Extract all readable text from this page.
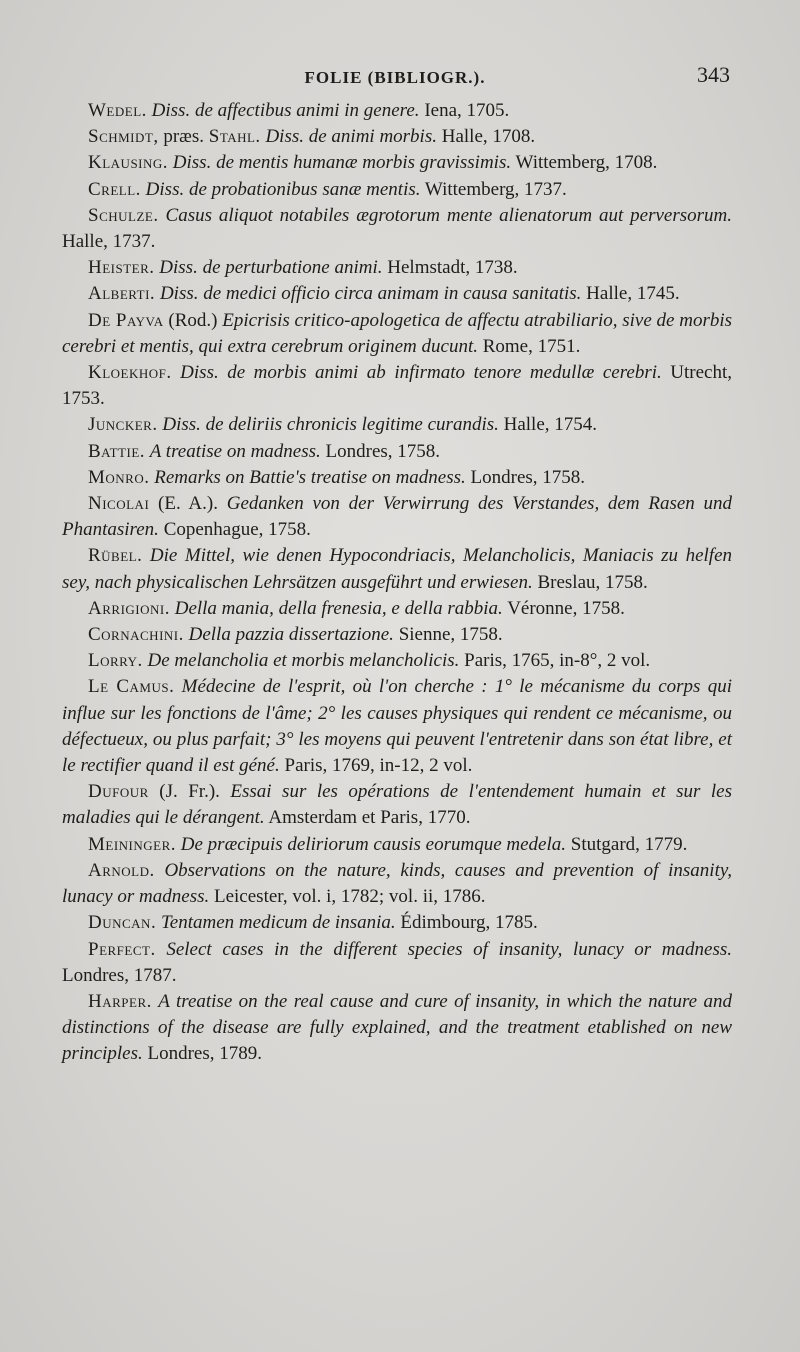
FOLIE (BIBLIOGR.).	343

Wedel. Diss. de affectibus animi in genere. Iena, 1705.

Schmidt, præs. Stahl. Diss. de animi morbis. Halle, 1708.

Klausing. Diss. de mentis humanæ morbis gravissimis. Wittemberg, 1708.

Crell. Diss. de probationibus sanæ mentis. Wittemberg, 1737.

Schulze. Casus aliquot notabiles ægrotorum mente alienatorum aut perversorum. Halle, 1737.

Heister. Diss. de perturbatione animi. Helmstadt, 1738.

Alberti. Diss. de medici officio circa animam in causa sanitatis. Halle, 1745.

De Payva (Rod.) Epicrisis critico-apologetica de affectu atrabiliario, sive de morbis cerebri et mentis, qui extra cerebrum originem ducunt. Rome, 1751.

Kloekhof. Diss. de morbis animi ab infirmato tenore medullæ cerebri. Utrecht, 1753.

Juncker. Diss. de deliriis chronicis legitime curandis. Halle, 1754.

Battie. A treatise on madness. Londres, 1758.

Monro. Remarks on Battie's treatise on madness. Londres, 1758.

Nicolai (E. A.). Gedanken von der Verwirrung des Verstandes, dem Rasen und Phantasiren. Copenhague, 1758.

Rübel. Die Mittel, wie denen Hypocondriacis, Melancholicis, Maniacis zu helfen sey, nach physicalischen Lehrsätzen ausgeführt und erwiesen. Breslau, 1758.

Arrigioni. Della mania, della frenesia, e della rabbia. Véronne, 1758.

Cornachini. Della pazzia dissertazione. Sienne, 1758.

Lorry. De melancholia et morbis melancholicis. Paris, 1765, in-8°, 2 vol.

Le Camus. Médecine de l'esprit, où l'on cherche : 1° le mécanisme du corps qui influe sur les fonctions de l'âme; 2° les causes physiques qui rendent ce mécanisme, ou défectueux, ou plus parfait; 3° les moyens qui peuvent l'entretenir dans son état libre, et le rectifier quand il est géné. Paris, 1769, in-12, 2 vol.

Dufour (J. Fr.). Essai sur les opérations de l'entendement humain et sur les maladies qui le dérangent. Amsterdam et Paris, 1770.

Meininger. De præcipuis deliriorum causis eorumque medela. Stutgard, 1779.

Arnold. Observations on the nature, kinds, causes and prevention of insanity, lunacy or madness. Leicester, vol. i, 1782; vol. ii, 1786.

Duncan. Tentamen medicum de insania. Édimbourg, 1785.

Perfect. Select cases in the different species of insanity, lunacy or madness. Londres, 1787.

Harper. A treatise on the real cause and cure of insanity, in which the nature and distinctions of the disease are fully explained, and the treatment etablished on new principles. Londres, 1789.
